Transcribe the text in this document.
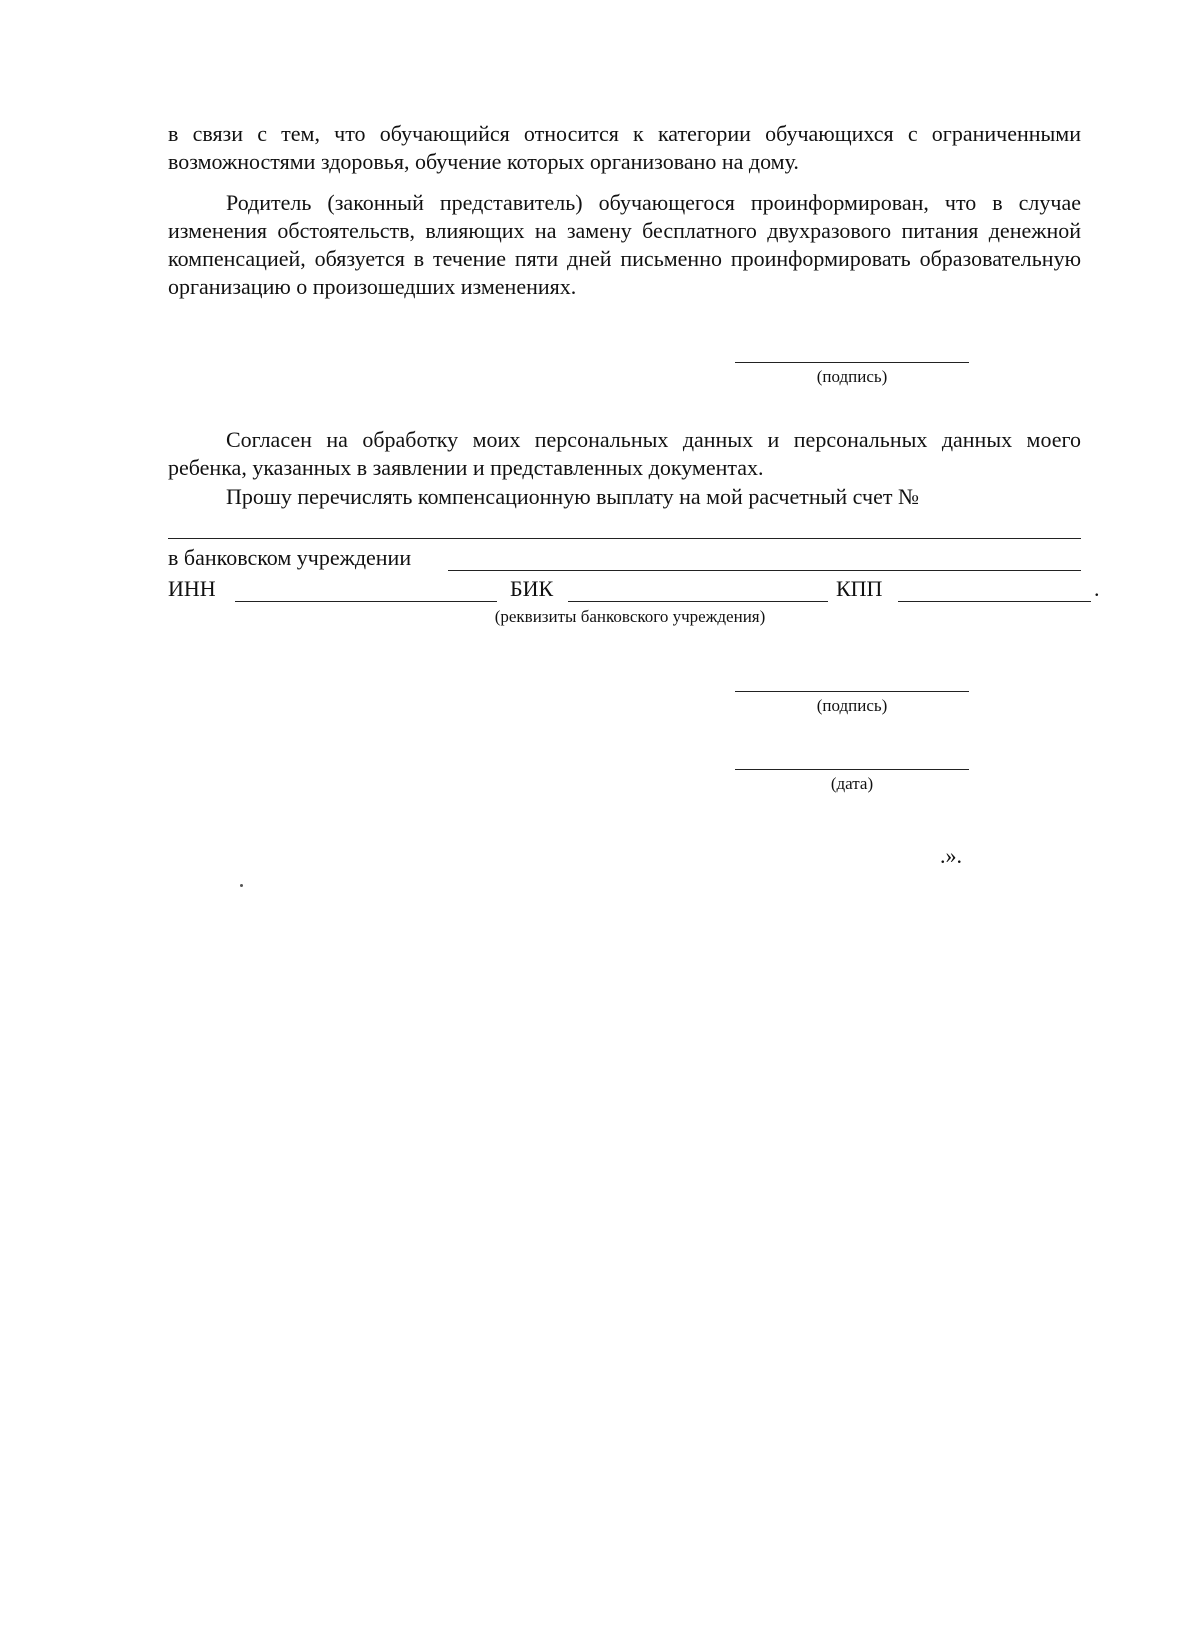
в связи с тем, что обучающийся относится к категории обучающихся с ограниченными возможностями здоровья, обучение которых организовано на дому.

Родитель (законный представитель) обучающегося проинформирован, что в случае изменения обстоятельств, влияющих на замену бесплатного двухразового питания денежной компенсацией, обязуется в течение пяти дней письменно проинформировать образовательную организацию о произошедших изменениях.

(подпись)

Согласен на обработку моих персональных данных и персональных данных моего ребенка, указанных в заявлении и представленных документах.

Прошу перечислять компенсационную выплату на мой расчетный счет №

в банковском учреждении
ИНН	БИК	КПП	.
(реквизиты банковского учреждения)
(подпись)
(дата)
.».
